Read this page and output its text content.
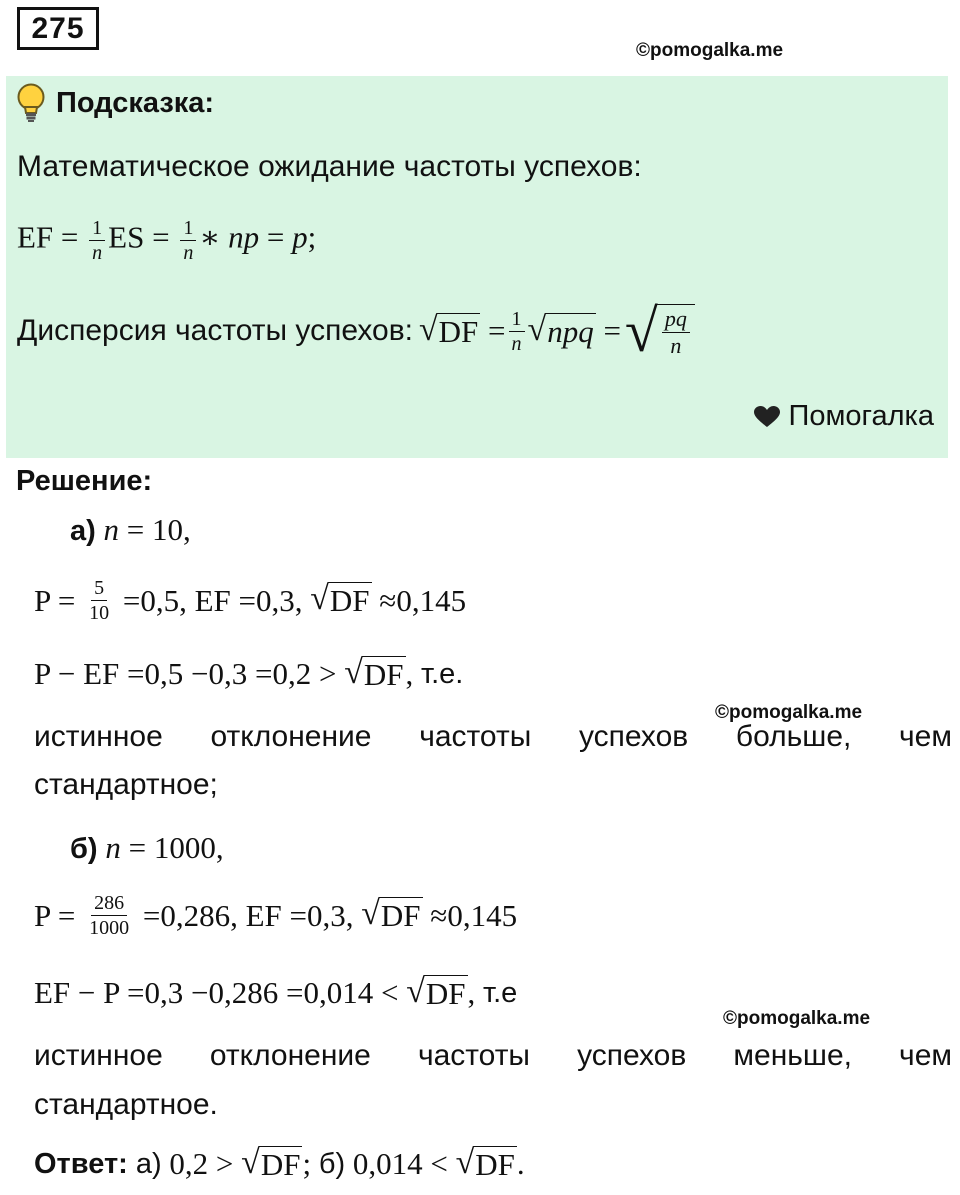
275
©pomogalka.me
Подсказка:
Математическое ожидание частоты успехов:
EF = $\frac{1}{n}$ ES = $\frac{1}{n}$ ∗ np = p;
Дисперсия частоты успехов: √ DF = $\frac{1}{n}$ √ npq = √ $\frac{pq}{n}$
Помогалка
Решение:
а) n = 10,
$P = \frac{5}{10} = 0,5$ , EF = 0,3 , √ DF ≈ 0,145
P − EF = 0,5 − 0,3 = 0,2 > √ DF , т.е.
©pomogalka.me
истинное отклонение частоты успехов больше, чем
стандартное;
б) n = 1000,
$P = \frac{286}{1000} = 0,286$ , EF = 0,3 , √ DF ≈ 0,145
EF − P = 0,3 − 0,286 = 0,014 < √ DF , т.е
©pomogalka.me
истинное отклонение частоты успехов меньше, чем
стандартное.
Ответ:
а)
0,2 > √ DF ; б)
0,014 < √ DF .
